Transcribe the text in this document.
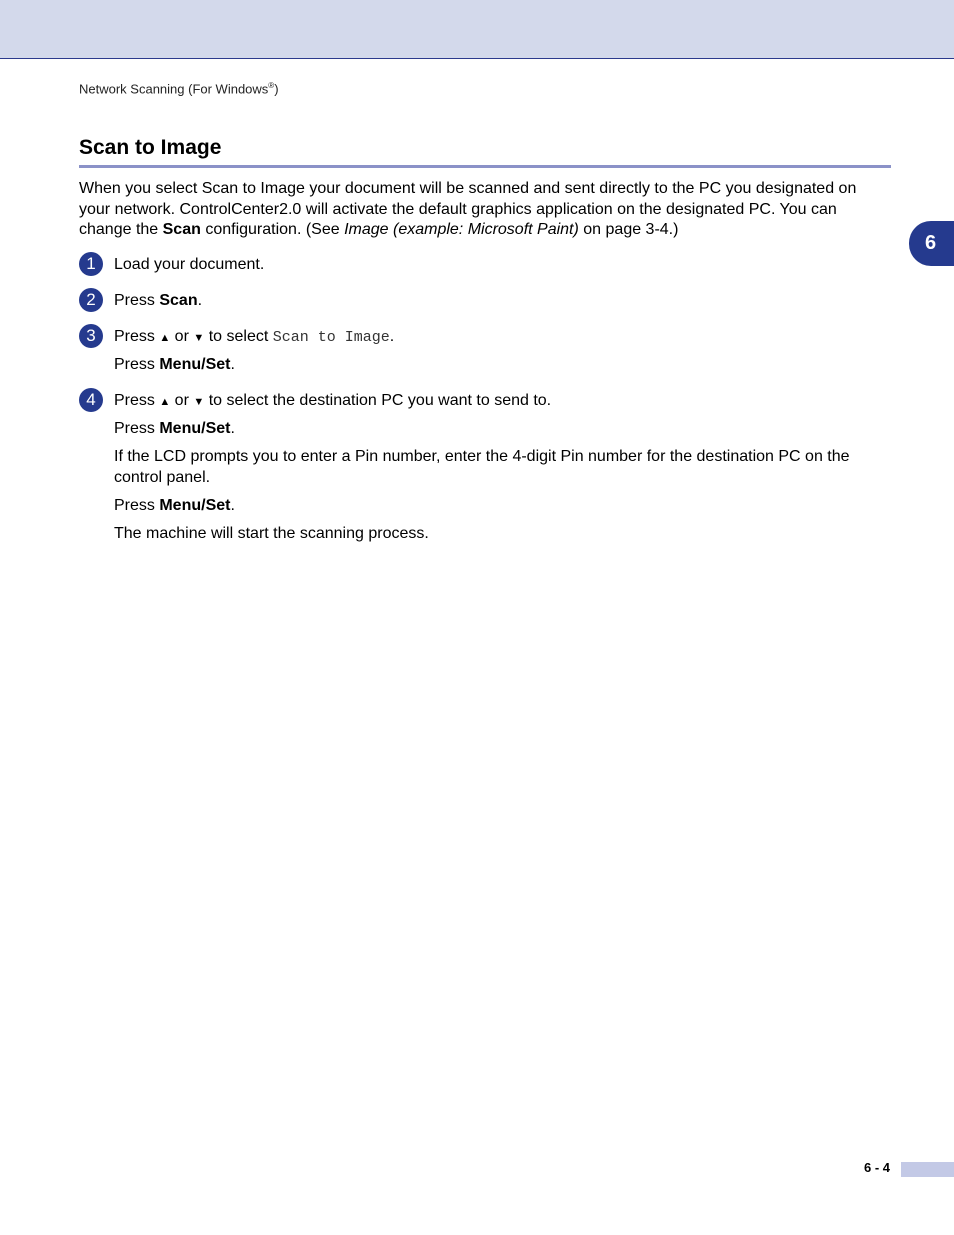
Network Scanning (For Windows®)
6
Scan to Image

When you select Scan to Image your document will be scanned and sent directly to the PC you designated on your network. ControlCenter2.0 will activate the default graphics application on the designated PC. You can change the Scan configuration. (See Image (example: Microsoft Paint) on page 3-4.)

1	Load your document.
2	Press Scan.
3	Press ▲ or ▼ to select Scan to Image.
Press Menu/Set.
4	Press ▲ or ▼ to select the destination PC you want to send to.
Press Menu/Set.
If the LCD prompts you to enter a Pin number, enter the 4-digit Pin number for the destination PC on the control panel.
Press Menu/Set.
The machine will start the scanning process.
6 - 4
